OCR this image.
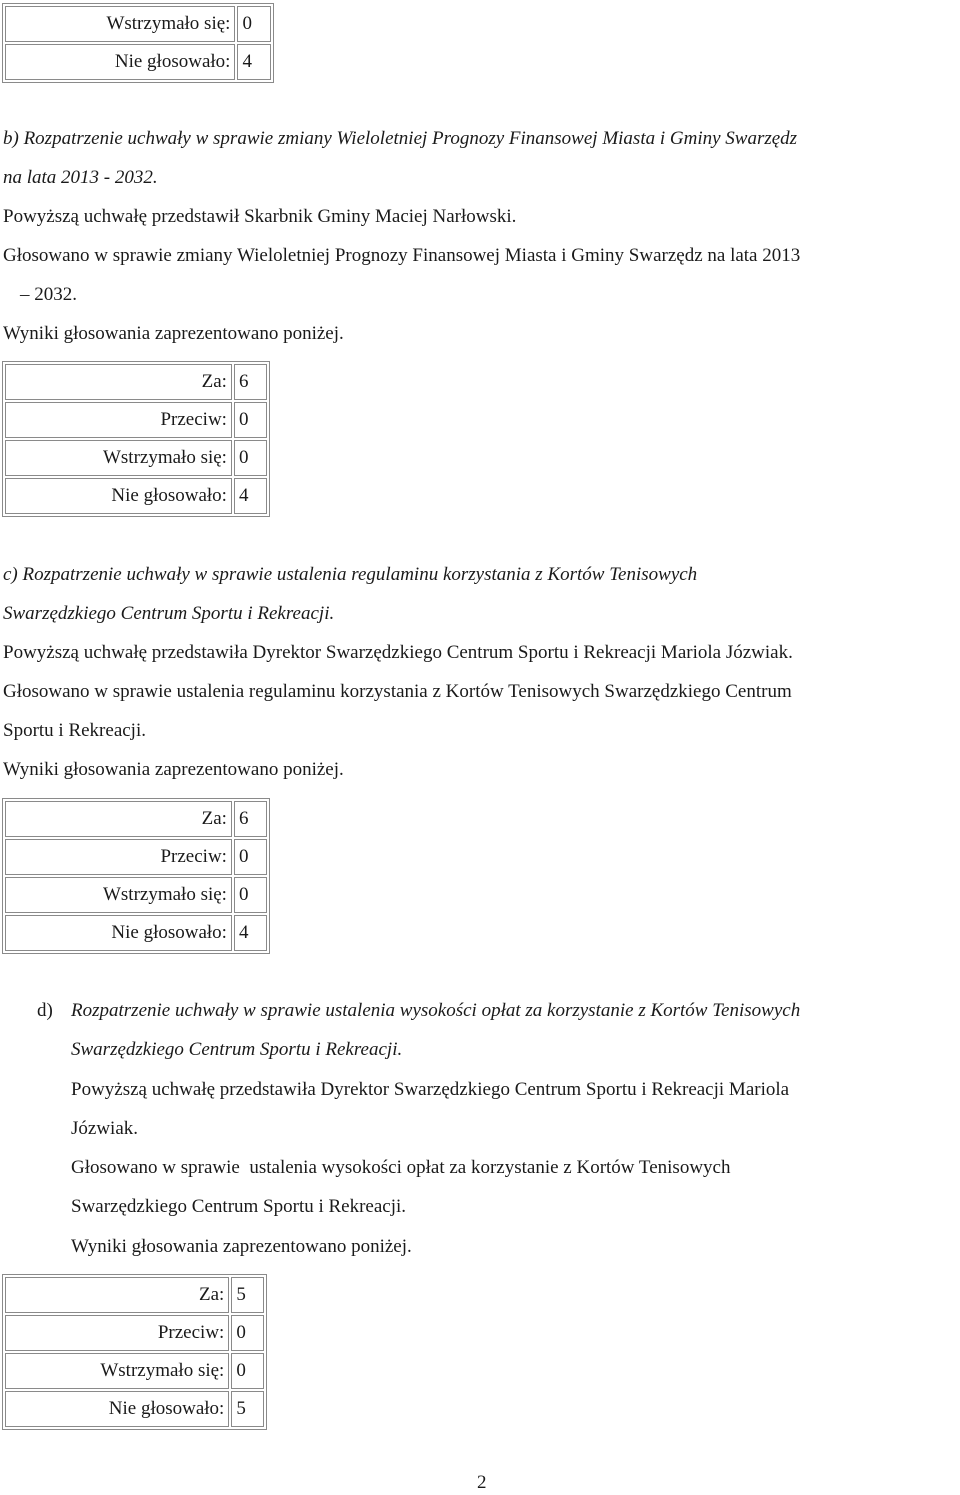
Wstrzymało się:	0
Nie głosowało:	4
b) Rozpatrzenie uchwały w sprawie zmiany Wieloletniej Prognozy Finansowej Miasta i Gminy Swarzędz
na lata 2013 - 2032.
Powyższą uchwałę przedstawił Skarbnik Gminy Maciej Narłowski.
Głosowano w sprawie zmiany Wieloletniej Prognozy Finansowej Miasta i Gminy Swarzędz na lata 2013
– 2032.
Wyniki głosowania zaprezentowano poniżej.
Za:	6
Przeciw:	0
Wstrzymało się:	0
Nie głosowało:	4
c) Rozpatrzenie uchwały w sprawie ustalenia regulaminu korzystania z Kortów Tenisowych
Swarzędzkiego Centrum Sportu i Rekreacji.
Powyższą uchwałę przedstawiła Dyrektor Swarzędzkiego Centrum Sportu i Rekreacji Mariola Józwiak.
Głosowano w sprawie ustalenia regulaminu korzystania z Kortów Tenisowych Swarzędzkiego Centrum
Sportu i Rekreacji.
Wyniki głosowania zaprezentowano poniżej.
Za:	6
Przeciw:	0
Wstrzymało się:	0
Nie głosowało:	4
d) Rozpatrzenie uchwały w sprawie ustalenia wysokości opłat za korzystanie z Kortów Tenisowych
Swarzędzkiego Centrum Sportu i Rekreacji.
Powyższą uchwałę przedstawiła Dyrektor Swarzędzkiego Centrum Sportu i Rekreacji Mariola
Józwiak.
Głosowano w sprawie  ustalenia wysokości opłat za korzystanie z Kortów Tenisowych
Swarzędzkiego Centrum Sportu i Rekreacji.
Wyniki głosowania zaprezentowano poniżej.
Za:	5
Przeciw:	0
Wstrzymało się:	0
Nie głosowało:	5
2
